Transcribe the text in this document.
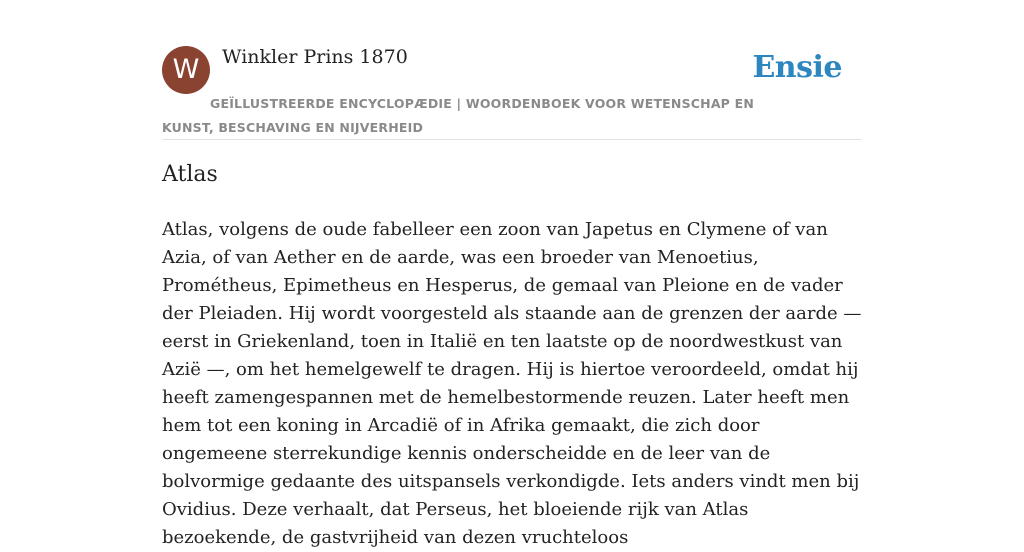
W	Winkler Prins 1870	Ensie
GEÏLLUSTREERDE ENCYCLOPÆDIE | WOORDENBOEK VOOR WETENSCHAP EN KUNST, BESCHAVING EN NIJVERHEID
Atlas

Atlas, volgens de oude fabelleer een zoon van Japetus en Clymene of van Azia, of van Aether en de aarde, was een broeder van Menoetius, Prométheus, Epimetheus en Hesperus, de gemaal van Pleione en de vader der Pleiaden. Hij wordt voorgesteld als staande aan de grenzen der aarde — eerst in Griekenland, toen in Italië en ten laatste op de noordwestkust van Azië —, om het hemelgewelf te dragen. Hij is hiertoe veroordeeld, omdat hij heeft zamengespannen met de hemelbestormende reuzen. Later heeft men hem tot een koning in Arcadië of in Afrika gemaakt, die zich door ongemeene sterrekundige kennis onderscheidde en de leer van de bolvormige gedaante des uitspansels verkondigde. Iets anders vindt men bij Ovidius. Deze verhaalt, dat Perseus, het bloeiende rijk van Atlas bezoekende, de gastvrijheid van dezen vruchteloos
